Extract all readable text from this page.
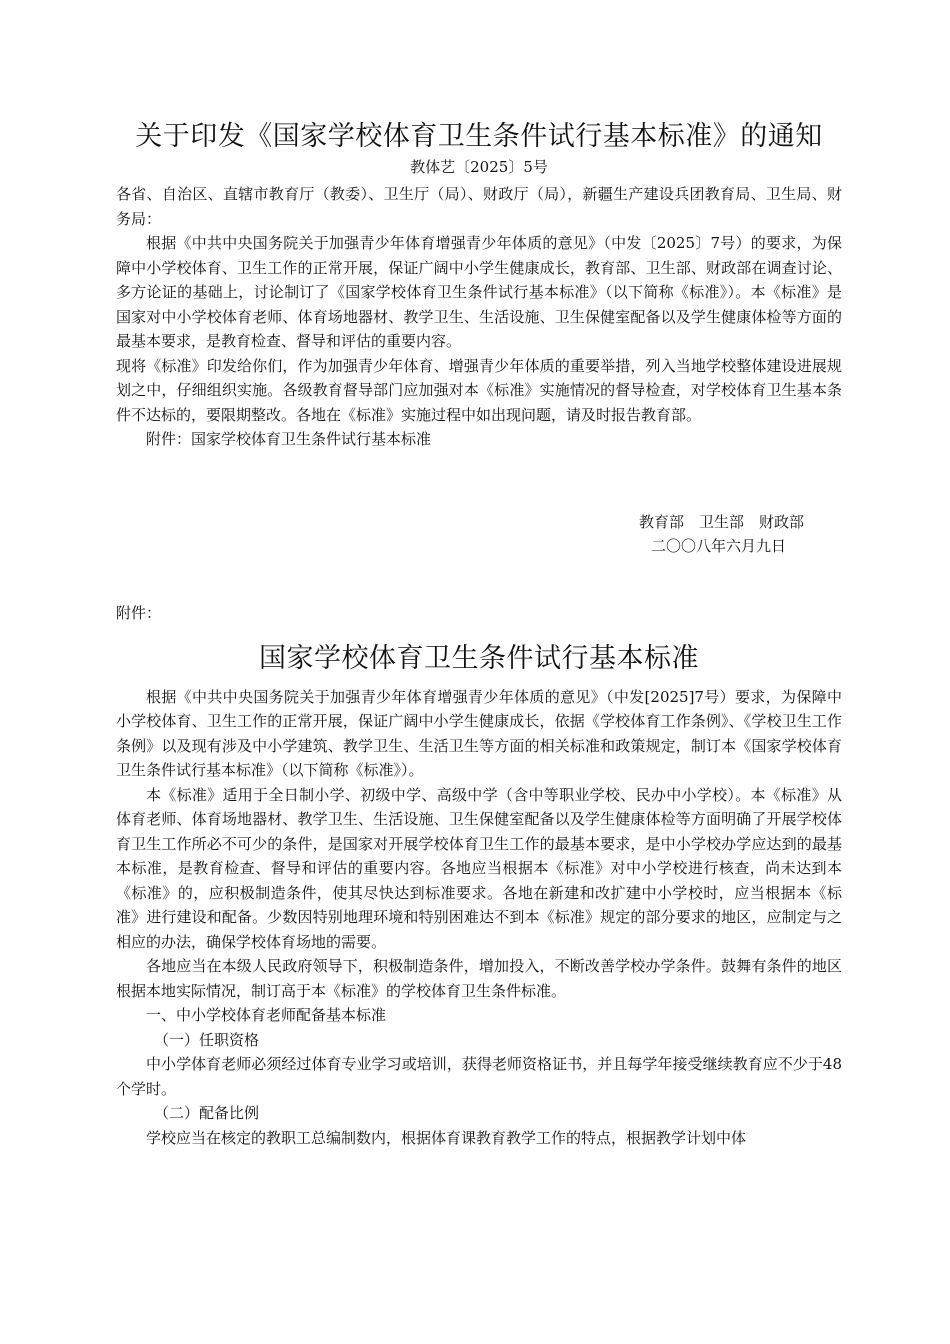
关于印发《国家学校体育卫生条件试行基本标准》的通知
教体艺〔2025〕5号

各省、自治区、直辖市教育厅（教委）、卫生厅（局）、财政厅（局），新疆生产建设兵团教育局、卫生局、财务局：

根据《中共中央国务院关于加强青少年体育增强青少年体质的意见》（中发〔2025〕7号）的要求，为保障中小学校体育、卫生工作的正常开展，保证广阔中小学生健康成长，教育部、卫生部、财政部在调查讨论、多方论证的基础上，讨论制订了《国家学校体育卫生条件试行基本标准》（以下简称《标准》）。本《标准》是国家对中小学校体育老师、体育场地器材、教学卫生、生活设施、卫生保健室配备以及学生健康体检等方面的最基本要求，是教育检查、督导和评估的重要内容。

现将《标准》印发给你们，作为加强青少年体育、增强青少年体质的重要举措，列入当地学校整体建设进展规划之中，仔细组织实施。各级教育督导部门应加强对本《标准》实施情况的督导检查，对学校体育卫生基本条件不达标的，要限期整改。各地在《标准》实施过程中如出现问题，请及时报告教育部。

附件：国家学校体育卫生条件试行基本标准

教育部　卫生部　财政部

二〇〇八年六月九日

附件：
国家学校体育卫生条件试行基本标准

根据《中共中央国务院关于加强青少年体育增强青少年体质的意见》（中发[2025]7号）要求，为保障中小学校体育、卫生工作的正常开展，保证广阔中小学生健康成长，依据《学校体育工作条例》、《学校卫生工作条例》以及现有涉及中小学建筑、教学卫生、生活卫生等方面的相关标准和政策规定，制订本《国家学校体育卫生条件试行基本标准》（以下简称《标准》）。

本《标准》适用于全日制小学、初级中学、高级中学（含中等职业学校、民办中小学校）。本《标准》从体育老师、体育场地器材、教学卫生、生活设施、卫生保健室配备以及学生健康体检等方面明确了开展学校体育卫生工作所必不可少的条件，是国家对开展学校体育卫生工作的最基本要求，是中小学校办学应达到的最基本标准，是教育检查、督导和评估的重要内容。各地应当根据本《标准》对中小学校进行核查，尚未达到本《标准》的，应积极制造条件，使其尽快达到标准要求。各地在新建和改扩建中小学校时，应当根据本《标准》进行建设和配备。少数因特别地理环境和特别困难达不到本《标准》规定的部分要求的地区，应制定与之相应的办法，确保学校体育场地的需要。

各地应当在本级人民政府领导下，积极制造条件，增加投入，不断改善学校办学条件。鼓舞有条件的地区根据本地实际情况，制订高于本《标准》的学校体育卫生条件标准。

一、中小学校体育老师配备基本标准

（一）任职资格

中小学体育老师必须经过体育专业学习或培训，获得老师资格证书，并且每学年接受继续教育应不少于48个学时。

（二）配备比例

学校应当在核定的教职工总编制数内，根据体育课教育教学工作的特点，根据教学计划中体
